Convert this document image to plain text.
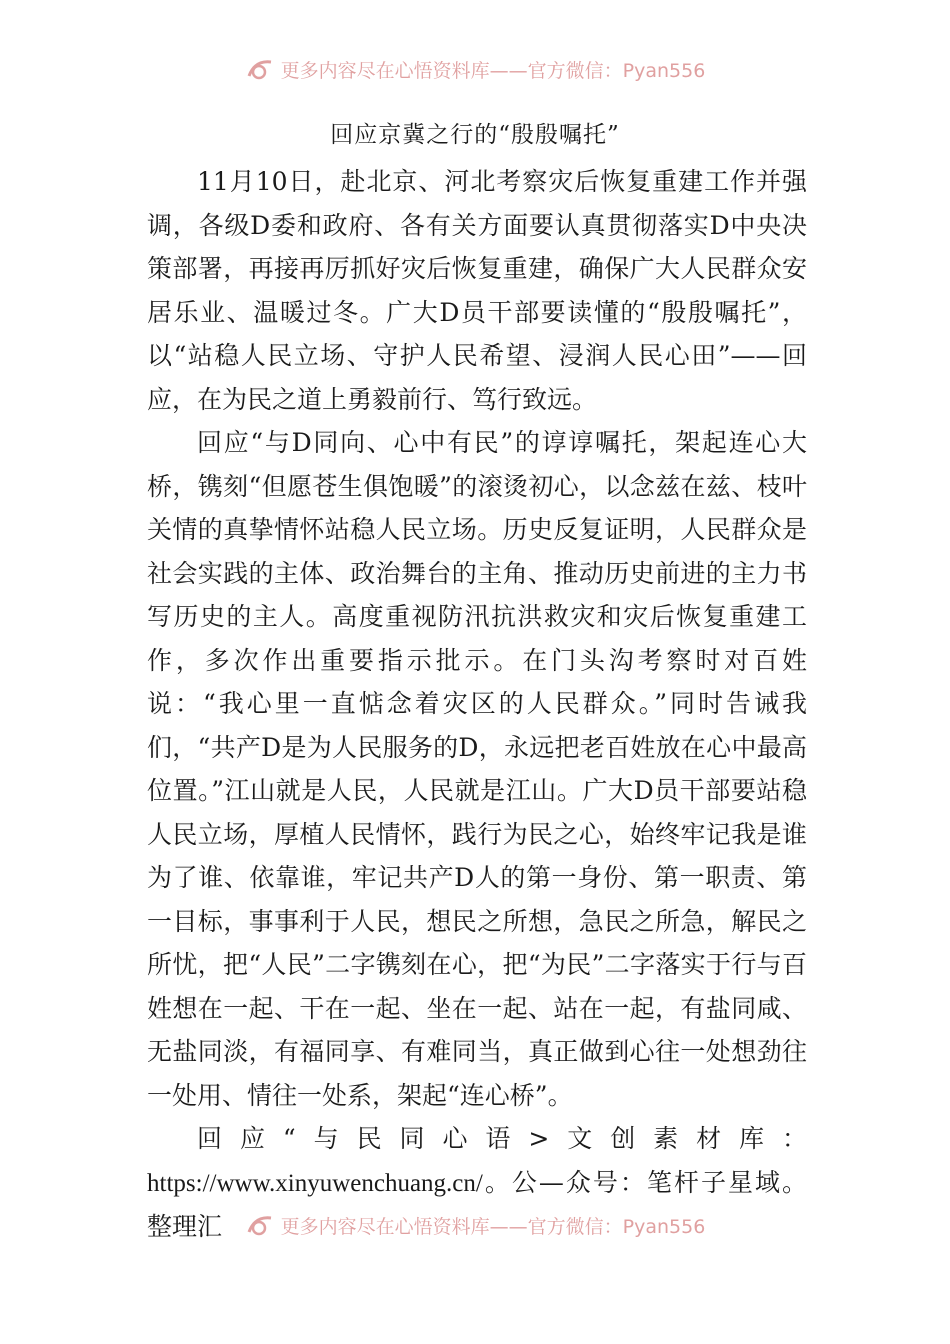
更多内容尽在心悟资料库——官方微信：Pyan556
回应京冀之行的“殷殷嘱托”

11月10日，赴北京、河北考察灾后恢复重建工作并强调，各级D委和政府、各有关方面要认真贯彻落实D中央决策部署，再接再厉抓好灾后恢复重建，确保广大人民群众安居乐业、温暖过冬。广大D员干部要读懂的“殷殷嘱托”，以“站稳人民立场、守护人民希望、浸润人民心田”——回应，在为民之道上勇毅前行、笃行致远。

回应“与D同向、心中有民”的谆谆嘱托，架起连心大桥，镌刻“但愿苍生俱饱暖”的滚烫初心，以念兹在兹、枝叶关情的真挚情怀站稳人民立场。历史反复证明，人民群众是社会实践的主体、政治舞台的主角、推动历史前进的主力书写历史的主人。高度重视防汛抗洪救灾和灾后恢复重建工作，多次作出重要指示批示。在门头沟考察时对百姓说：“我心里一直惦念着灾区的人民群众。”同时告诫我们，“共产D是为人民服务的D，永远把老百姓放在心中最高位置。”江山就是人民，人民就是江山。广大D员干部要站稳人民立场，厚植人民情怀，践行为民之心，始终牢记我是谁为了谁、依靠谁，牢记共产D人的第一身份、第一职责、第一目标，事事利于人民，想民之所想，急民之所急，解民之所忧，把“人民”二字镌刻在心，把“为民”二字落实于行与百姓想在一起、干在一起、坐在一起、站在一起，有盐同咸、无盐同淡，有福同享、有难同当，真正做到心往一处想劲往一处用、情往一处系，架起“连心桥”。

回应“与民同心语>文创素材库：https://www.xinyuwenchuang.cn/。公—众号：笔杆子星域。整理汇	更多内容尽在心悟资料库——官方微信：Pyan556
